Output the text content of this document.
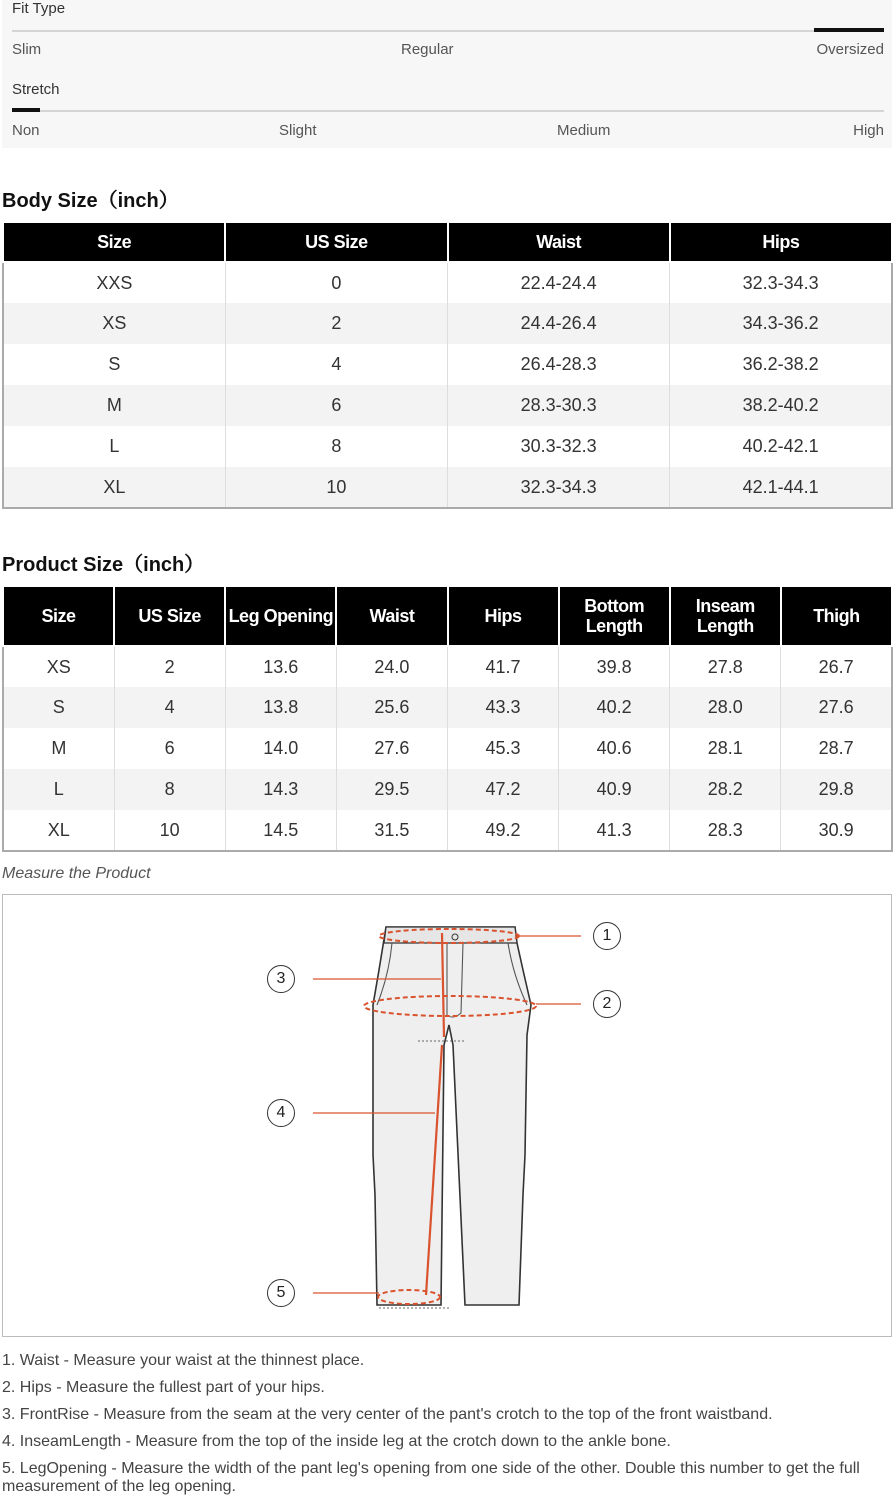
Fit Type
Slim	Regular	Oversized
Stretch
Non	Slight	Medium	High
Body Size（inch）
Size	US Size	Waist	Hips
XXS	0	22.4-24.4	32.3-34.3
XS	2	24.4-26.4	34.3-36.2
S	4	26.4-28.3	36.2-38.2
M	6	28.3-30.3	38.2-40.2
L	8	30.3-32.3	40.2-42.1
XL	10	32.3-34.3	42.1-44.1
Product Size（inch）
Size	US Size	Leg Opening	Waist	Hips	Bottom Length	Inseam Length	Thigh
XS	2	13.6	24.0	41.7	39.8	27.8	26.7
S	4	13.8	25.6	43.3	40.2	28.0	27.6
M	6	14.0	27.6	45.3	40.6	28.1	28.7
L	8	14.3	29.5	47.2	40.9	28.2	29.8
XL	10	14.5	31.5	49.2	41.3	28.3	30.9
Measure the Product
1
2
3
4
5

1. Waist - Measure your waist at the thinnest place.

2. Hips - Measure the fullest part of your hips.

3. FrontRise - Measure from the seam at the very center of the pant's crotch to the top of the front waistband.

4. InseamLength - Measure from the top of the inside leg at the crotch down to the ankle bone.

5. LegOpening - Measure the width of the pant leg's opening from one side of the other. Double this number to get the full measurement of the leg opening.
